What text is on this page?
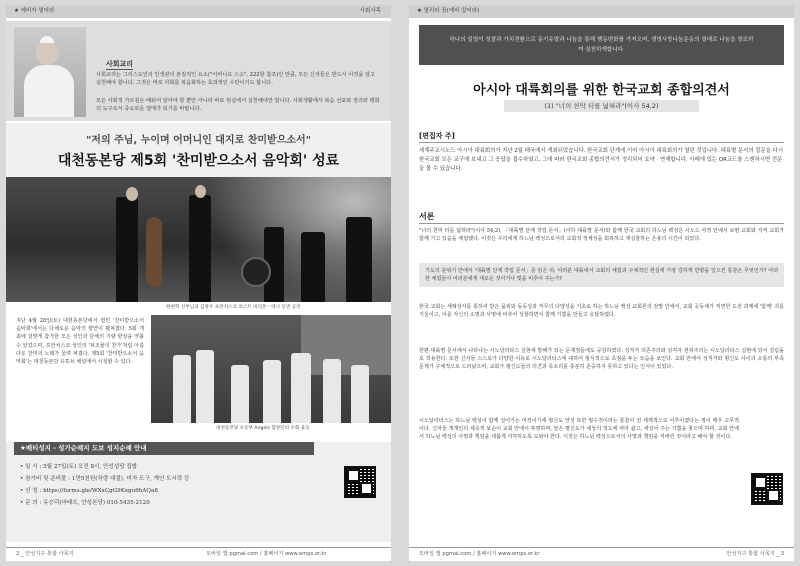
★ 예비자 멀어라	사회사목
사회교리
사회교리는 그리스도인의 인생관의 본질적인 요소("어머니요 스승", 222항 참조)인 만큼, 모든 신자들은 반드시 이것을 알고 실천해야 합니다. 그것은 바로 사회를 복음화하는 효과적인 수단이기도 합니다.
모든 사회적 가르침은 배워서 알아야 할 뿐만 아니라 바로 현실에서 실천해야만 합니다. 사회생활에서 복음 선포와 정의와 평화의 도구로서 중요로운 열매가 되기를 바랍니다.
"저의 주님, 누이며 어머니인 대지로 찬미받으소서"
대천동본당 제5회 '찬미받으소서 음악회' 성료
현현혁 신부님과 김정우 프란치스코 코스트 바리톤 - 테너 등면 공연
지난 4월 28일(토) 대천동본당에서 열린 '찬미받으소서 음악회'에서는 다채로운 음악의 향연이 펼쳐졌다. 5회 개최에 걸맞게 참가한 모든 성인과 단체의 기량 향상을 엿볼 수 있었으며, 프란치스코 성인의 '피조물의 찬가'처럼 아름다운 찬미의 노래가 울려 퍼졌다. 제5회 '찬미받으소서 음악회'는 대천동본당 유튜브 채널에서 시청할 수 있다.
대천동본당 초등부 Angels 합창단의 수화 율동
★배티성지 - 성가순례지 도보 성지순례 안내
• 일 시 : 5월 27일(토) 오전 8시, 안성성당 집합
• 참가비 및 준비물 : 1만5천원(차량 대절), 비자 도구, 개인 도시락 등
• 신 청 : https://forms.gle/WXxCgG9Kxgu6hAQa8
• 문 의 : 유승덕(마태오, 안성본당) 010-5435-2120
2 _ 안성지구 통합 사목지	모바일 앱 pgmal.com / 홈페이지 www.emps.or.kr
★ 열리라 꿈(예비 알어라)
하나의 일렬이 성찰과 가치전환으로 동기유발과 나눔을 통해 행동변화를 가져오며, 생명사랑나눔운동의 열매로 나눔을 창조하여 실천하게합니다.
아시아 대륙회의를 위한 한국교회 종합의견서
(1) "너의 천막 터를 넓혀라"(이사 54,2)
[편집자 주]
세계주교시노드 아시아 대륙회의가 지난 2월 태국에서 개최되었습니다. 한국교회 단계에 이어 아시아 대륙회의가 열린 것입니다. 대륙별 문서의 질문을 다시 한국교회 모든 교구에 보내고 그 응답을 접수하였고, 그에 따라 한국교회 종합의견서가 정리되어 요약 · 연재합니다. 아래에 있는 QR코드를 스캔하시면 전문을 볼 수 있습니다.
서론
"너의 천막 터를 넓혀라"(이사 54,2), 「대륙별 단계 작업 문서」(이하 대륙별 문서)와 함께 한국 교회의 하느님 백성은 시노드 여정 안에서 보편 교회와 지역 교회가 함께 가고 있음을 체험했다. 이것은 우리에게 하느님 백성으로서의 교회적 정체성을 회복하고 재성찰하는 은총의 시간이 되었다.
기도의 분위기 안에서 '대륙별 단계 작업 문서」를 읽은 뒤, 여러분 대륙에서 교회의 체험과 구체적인 현실에 가장 강하게 반향을 일으킨 통찰은 무엇인가? 어떠한 체험들이 여러분에게 새로운 것이거나 빛을 비추어 주는가?
한국 교회는 세례성사를 통하여 받은 품위와 동등성과 직무의 다양성을 기초로 하는 하느님 백성 교회론의 전망 안에서, 교회 공동체가 직면한 도전 과제에 '함께' 귀를 기울이고, 이를 자신의 소명과 사명에 비추어 성찰하면서 함께 기쁨을 만들고 응답하였다.
한편 대륙별 문서에서 나타나는 시노달리타스 실현에 방해가 되는 문제점들에도 공감하였다. 성직자 의존주의와 성직자 권위주의는 시노달리타스 실현에 있어 걸림돌로 작용한다. 또한 신자들 스스로가 다양한 이유로 시노달리타스에 대하여 형식적으로 초점을 두는 모습을 보인다. 교회 안에서 성직자와 평신도 사이의 소통의 부족 문제가 구체적으로 드러났으며, 교회가 평신도들의 의견과 목소리를 충분히 존중하지 못하고 있다는 인식이 있었다.
시노달리타스는 하느님 백성이 함께 걸어가는 여정이기에 평신도 양성 또한 필수적이라는 통찰이 전 세계적으로 이루어졌다는 점이 매우 고무적이다. 신자들 개개인의 세속적 보순이 교회 안에서 투명하며, 앞은 평신도가 세상의 적도에 따라 삶고, 세상이 주는 기쁨을 찾으며 하며, 교회 안에서 하느님 백성의 사명과 책임을 새롭게 자각하도록 도와야 한다. 이것은 하느님 백성으로서의 사명과 책임을 저버린 것이라고 해야 할 것이다.
모바일 앱 pgmal.com / 홈페이지 www.emps.or.kr	안성지구 통합 사목지 _ 3
